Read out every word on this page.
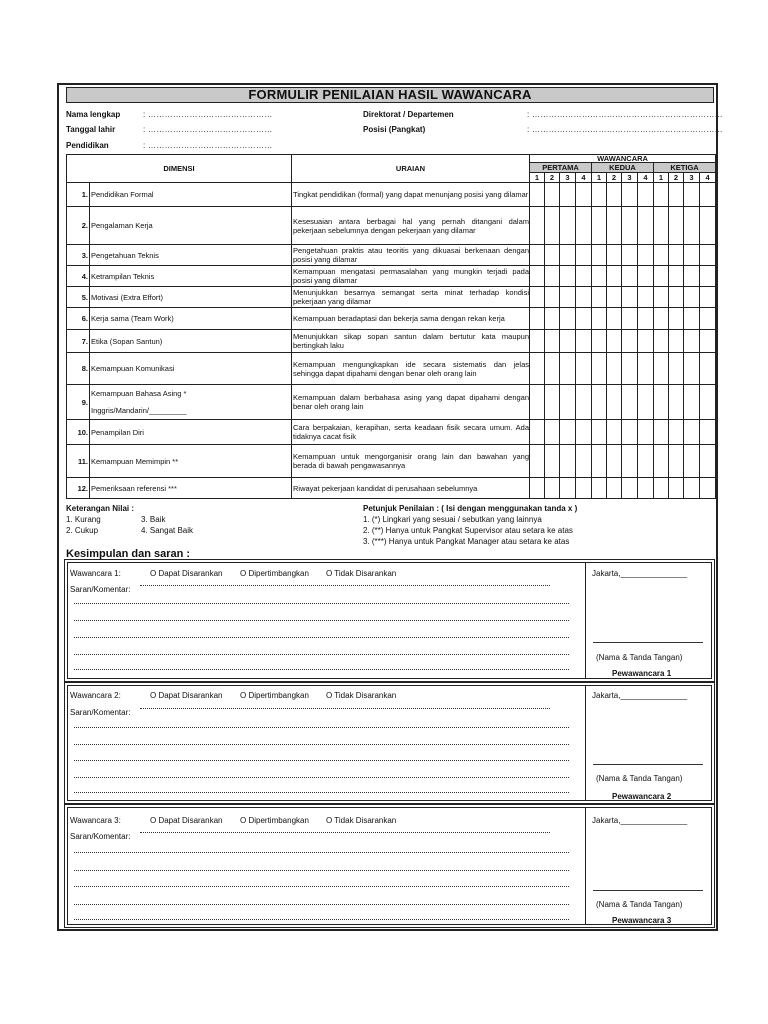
FORMULIR PENILAIAN HASIL WAWANCARA
Nama lengkap	: ………………………………………
Tanggal lahir	: ………………………………………
Pendidikan	: ………………………………………
Direktorat / Departemen	: ……………………………………………………………
Posisi (Pangkat)	: ……………………………………………………………
DIMENSI		URAIAN	WAWANCARA											
			PERTAMA				KEDUA				KETIGA			
			1	2	3	4	1	2	3	4	1	2	3	4
1.	Pendidikan Formal	Tingkat pendidikan (formal) yang dapat menunjang posisi yang dilamar												
2.	Pengalaman Kerja	Kesesuaian antara berbagai hal yang pernah ditangani dalam pekerjaan sebelumnya dengan pekerjaan yang dilamar												
3.	Pengetahuan Teknis	Pengetahuan praktis atau teoritis yang dikuasai berkenaan dengan posisi yang dilamar												
4.	Ketrampilan Teknis	Kemampuan mengatasi permasalahan yang mungkin terjadi pada posisi yang dilamar												
5.	Motivasi (Extra Effort)	Menunjukkan besarnya semangat serta minat terhadap kondisi pekerjaan yang dilamar												
6.	Kerja sama (Team Work)	Kemampuan beradaptasi dan bekerja sama dengan rekan kerja												
7.	Etika (Sopan Santun)	Menunjukkan sikap sopan santun dalam bertutur kata maupun bertingkah laku												
8.	Kemampuan Komunikasi	Kemampuan mengungkapkan ide secara sistematis dan jelas sehingga dapat dipahami dengan benar oleh orang lain												
9.	Kemampuan Bahasa Asing *
Inggris/Mandarin/_________	Kemampuan dalam berbahasa asing yang dapat dipahami dengan benar oleh orang lain												
10.	Penampilan Diri	Cara berpakaian, kerapihan, serta keadaan fisik secara umum. Ada tidaknya cacat fisik												
11.	Kemampuan Memimpin **	Kemampuan untuk mengorganisir orang lain dan bawahan yang berada di bawah pengawasannya												
12.	Pemeriksaan referensi ***	Riwayat pekerjaan kandidat di perusahaan sebelumnya												
Keterangan Nilai :
1. Kurang	3. Baik
2. Cukup	4. Sangat Baik
Petunjuk Penilaian : ( Isi dengan menggunakan tanda x )
1. (*) Lingkari yang sesuai / sebutkan yang lainnya
2. (**) Hanya untuk Pangkat Supervisor atau setara ke atas
3. (***) Hanya untuk Pangkat Manager atau setara ke atas
Kesimpulan dan saran :
Wawancara 1:	O Dapat Disarankan O Dipertimbangkan O Tidak Disarankan
Saran/Komentar:
Jakarta,_______________
(Nama & Tanda Tangan)
Pewawancara 1
Wawancara 2:	O Dapat Disarankan O Dipertimbangkan O Tidak Disarankan
Saran/Komentar:
Jakarta,_______________
(Nama & Tanda Tangan)
Pewawancara 2
Wawancara 3:	O Dapat Disarankan O Dipertimbangkan O Tidak Disarankan
Saran/Komentar:
Jakarta,_______________
(Nama & Tanda Tangan)
Pewawancara 3
